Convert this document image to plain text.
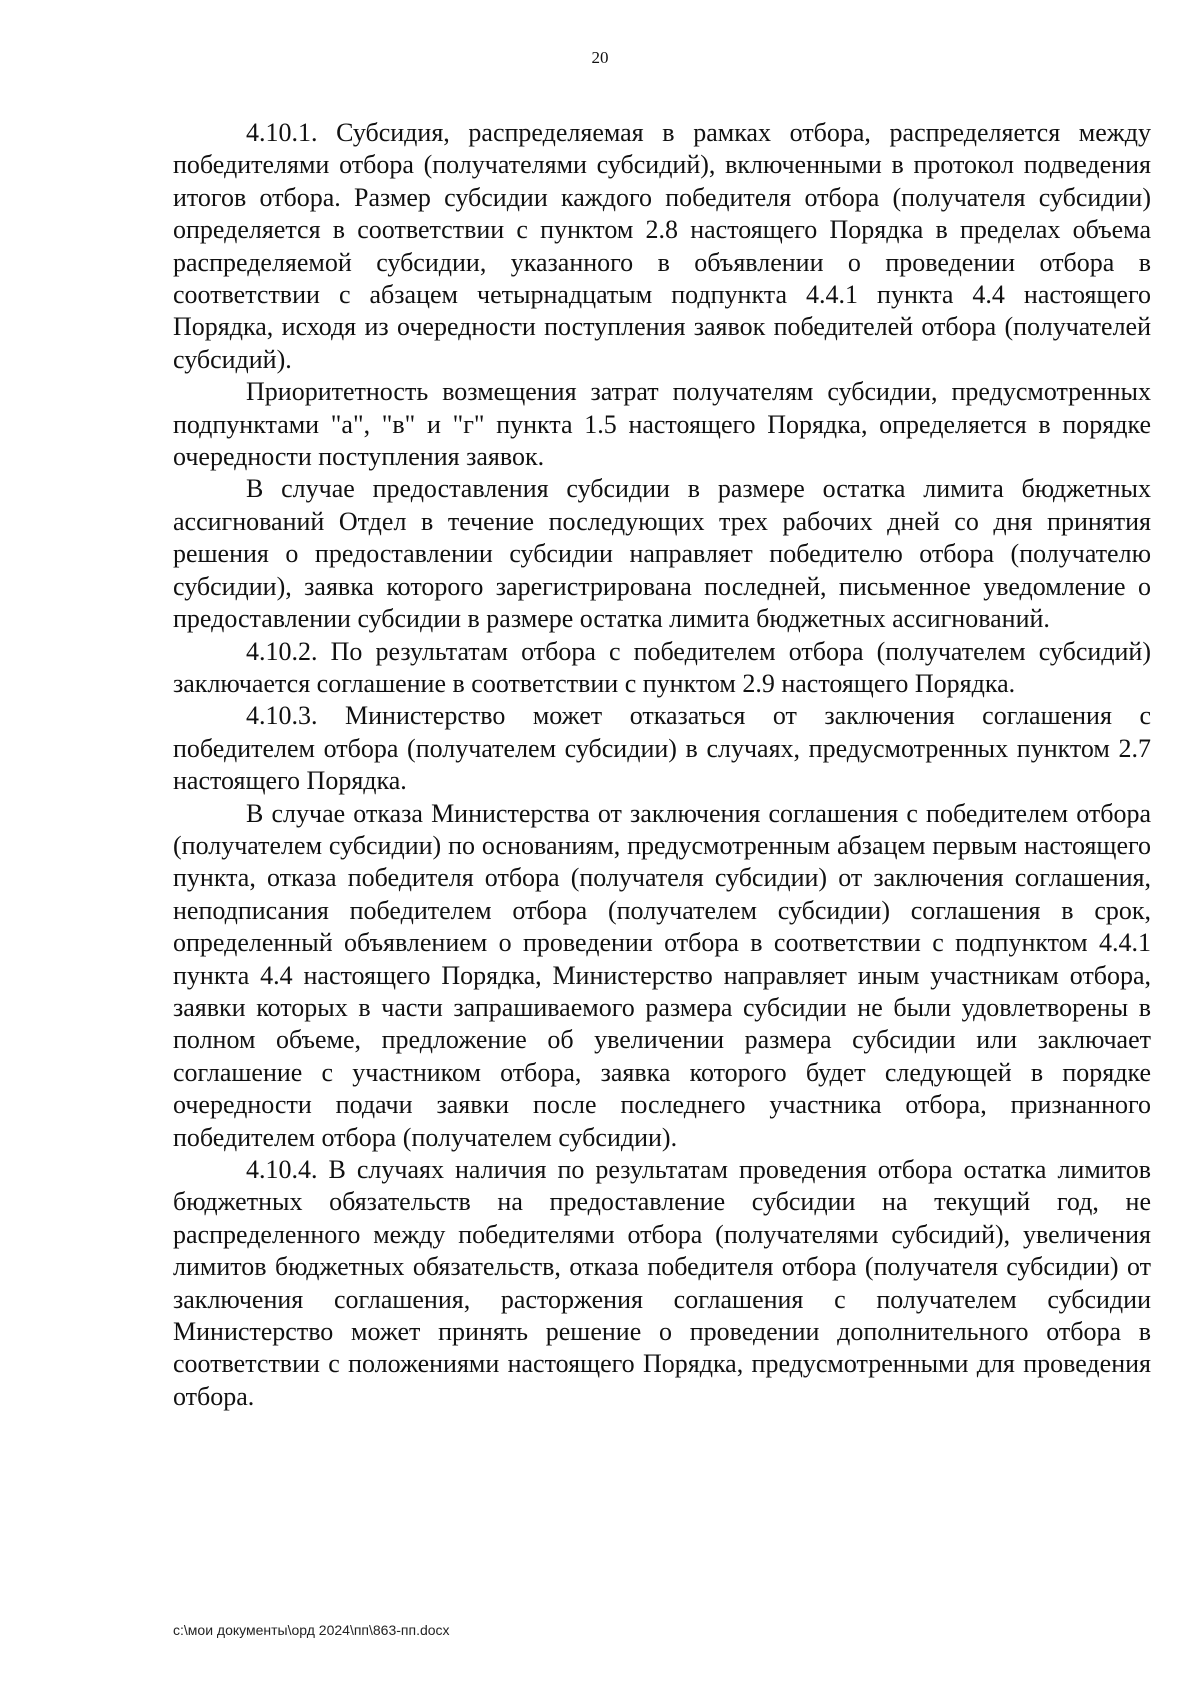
20

4.10.1. Субсидия, распределяемая в рамках отбора, распределяется между победителями отбора (получателями субсидий), включенными в протокол подведения итогов отбора. Размер субсидии каждого победителя отбора (получателя субсидии) определяется в соответствии с пунктом 2.8 настоящего Порядка в пределах объема распределяемой субсидии, указанного в объявлении о проведении отбора в соответствии с абзацем четырнадцатым подпункта 4.4.1 пункта 4.4 настоящего Порядка, исходя из очередности поступления заявок победителей отбора (получателей субсидий).

Приоритетность возмещения затрат получателям субсидии, предусмотренных подпунктами "а", "в" и "г" пункта 1.5 настоящего Порядка, определяется в порядке очередности поступления заявок.

В случае предоставления субсидии в размере остатка лимита бюджетных ассигнований Отдел в течение последующих трех рабочих дней со дня принятия решения о предоставлении субсидии направляет победителю отбора (получателю субсидии), заявка которого зарегистрирована последней, письменное уведомление о предоставлении субсидии в размере остатка лимита бюджетных ассигнований.

4.10.2. По результатам отбора с победителем отбора (получателем субсидий) заключается соглашение в соответствии с пунктом 2.9 настоящего Порядка.

4.10.3. Министерство может отказаться от заключения соглашения с победителем отбора (получателем субсидии) в случаях, предусмотренных пунктом 2.7 настоящего Порядка.

В случае отказа Министерства от заключения соглашения с победителем отбора (получателем субсидии) по основаниям, предусмотренным абзацем первым настоящего пункта, отказа победителя отбора (получателя субсидии) от заключения соглашения, неподписания победителем отбора (получателем субсидии) соглашения в срок, определенный объявлением о проведении отбора в соответствии с подпунктом 4.4.1 пункта 4.4 настоящего Порядка, Министерство направляет иным участникам отбора, заявки которых в части запрашиваемого размера субсидии не были удовлетворены в полном объеме, предложение об увеличении размера субсидии или заключает соглашение с участником отбора, заявка которого будет следующей в порядке очередности подачи заявки после последнего участника отбора, признанного победителем отбора (получателем субсидии).

4.10.4. В случаях наличия по результатам проведения отбора остатка лимитов бюджетных обязательств на предоставление субсидии на текущий год, не распределенного между победителями отбора (получателями субсидий), увеличения лимитов бюджетных обязательств, отказа победителя отбора (получателя субсидии) от заключения соглашения, расторжения соглашения с получателем субсидии Министерство может принять решение о проведении дополнительного отбора в соответствии с положениями настоящего Порядка, предусмотренными для проведения отбора.

c:\мои документы\орд 2024\пп\863-пп.docx
